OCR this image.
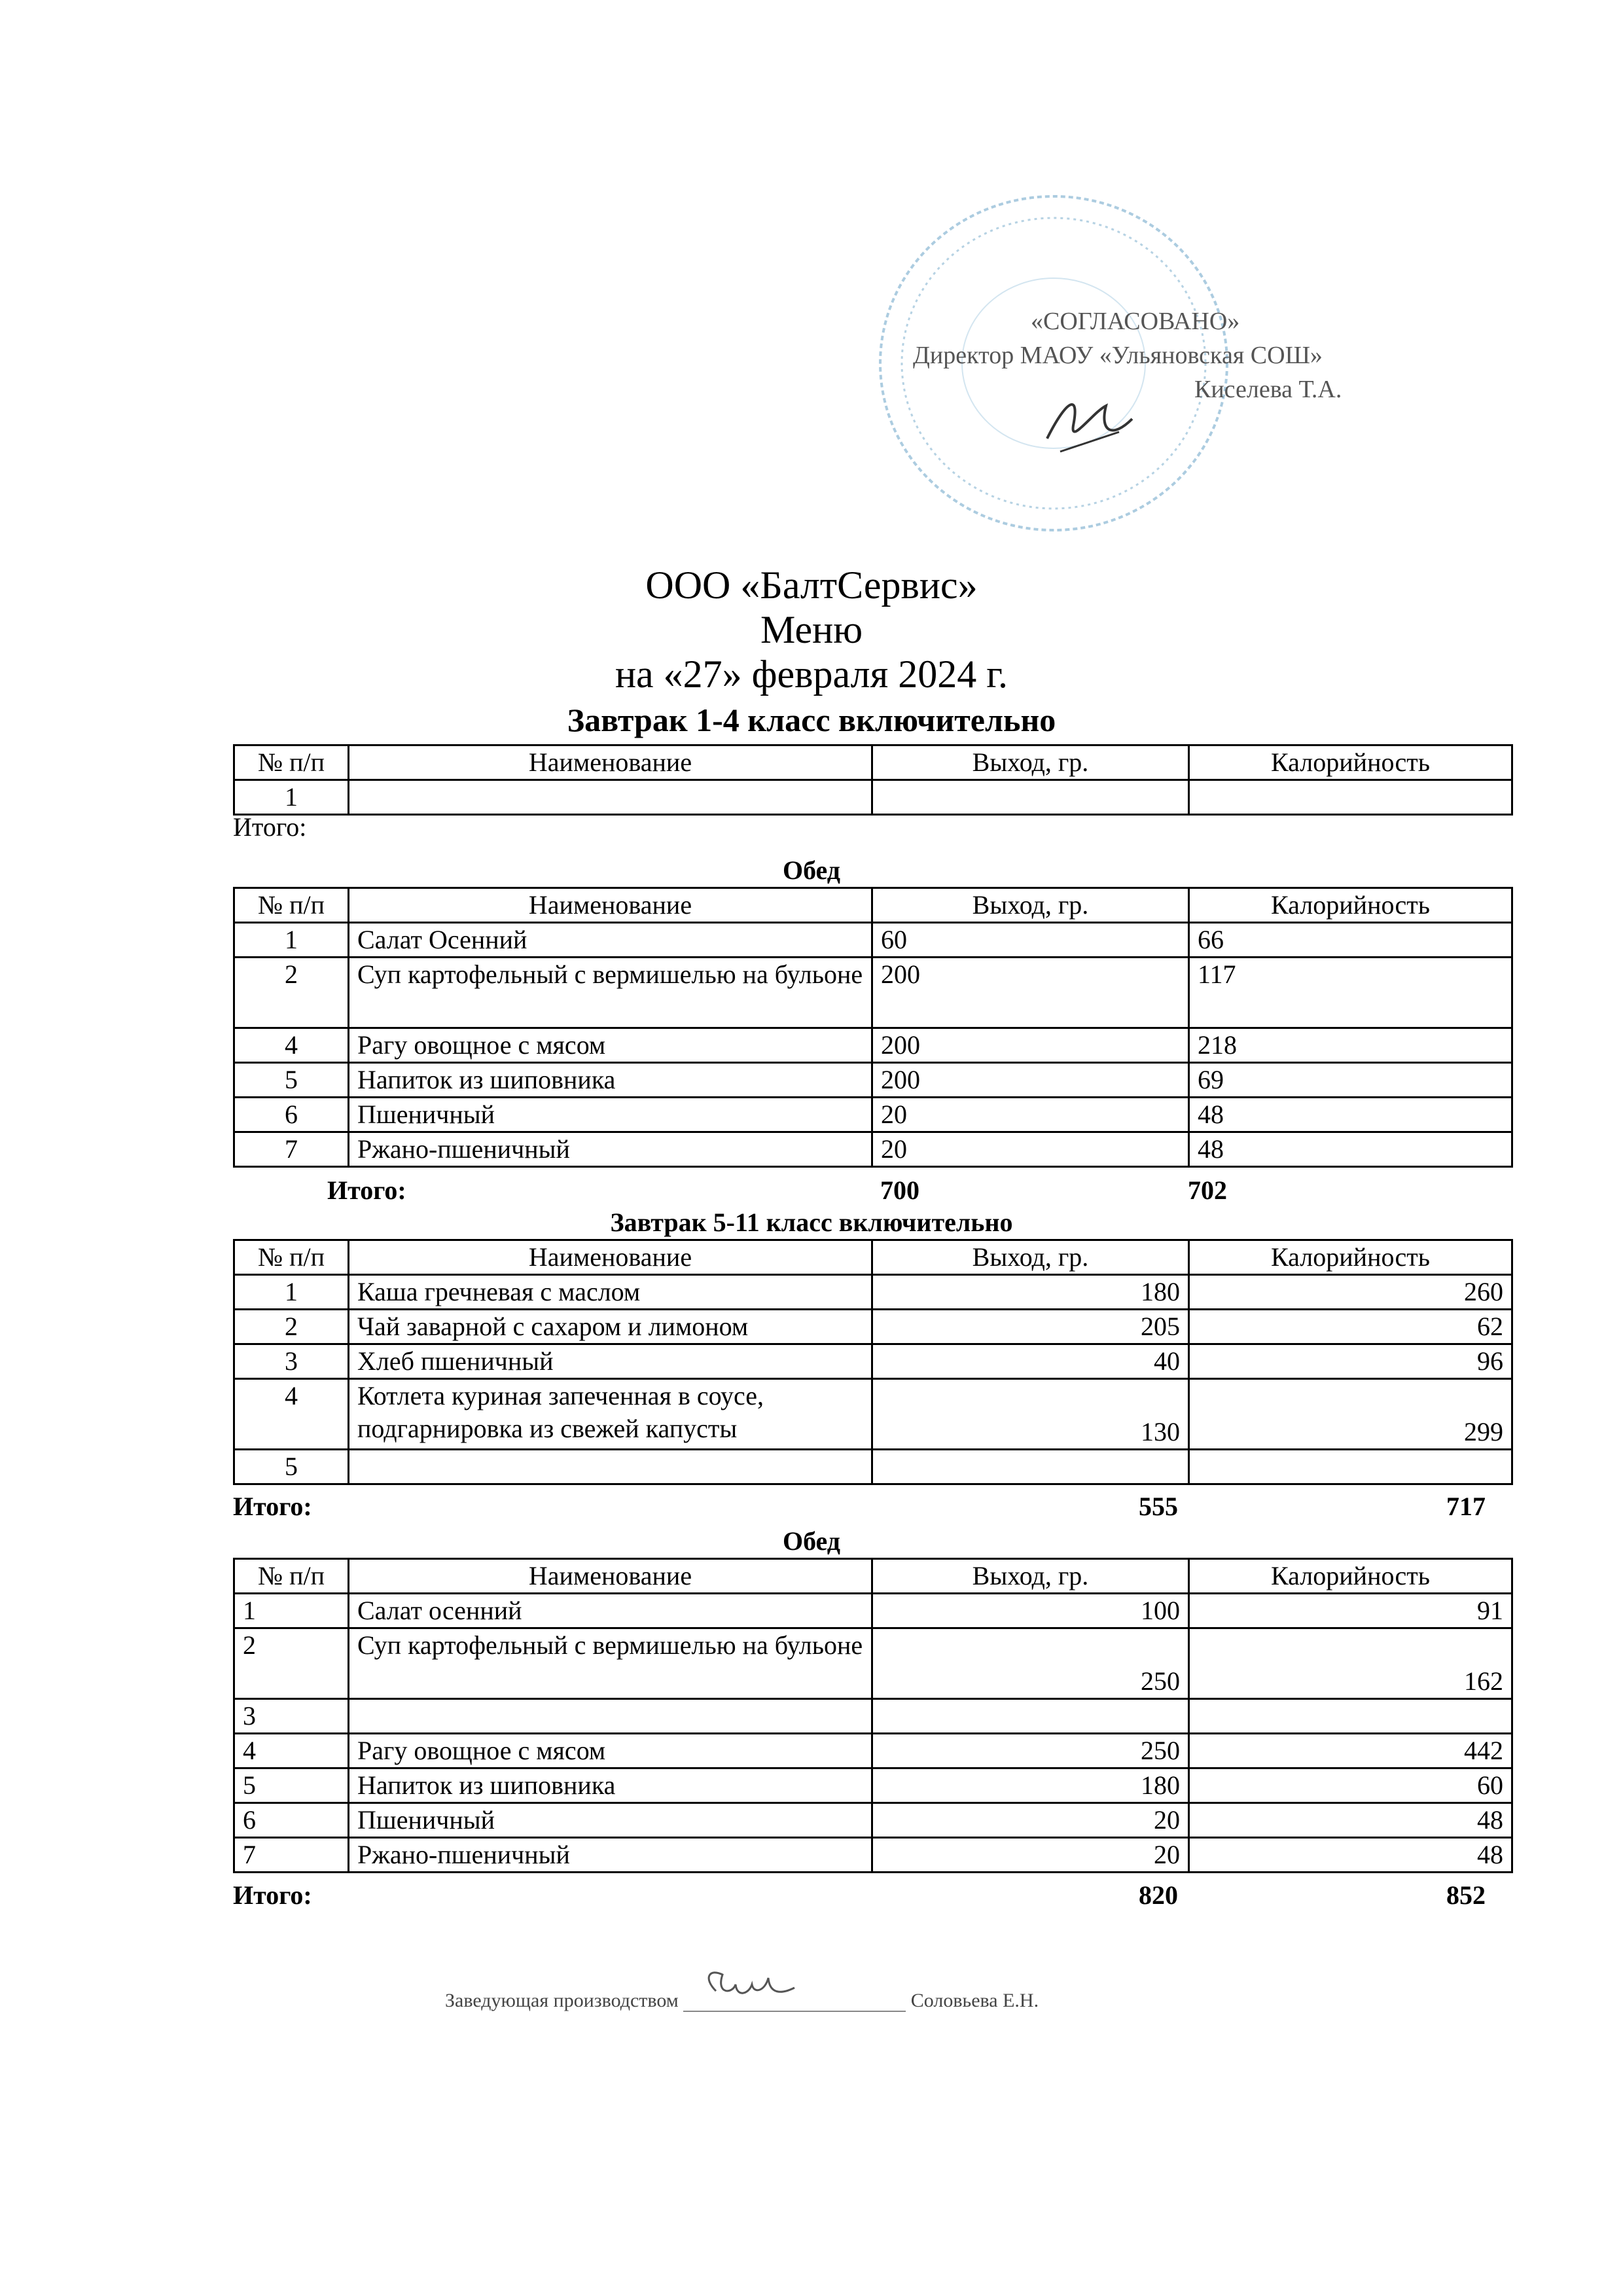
«СОГЛАСОВАНО»
Директор МАОУ «Ульяновская СОШ»
Киселева Т.А.
ООО «БалтСервис»
Меню
на «27» февраля 2024 г.
Завтрак 1-4 класс включительно
№ п/п	Наименование	Выход, гр.	Калорийность
1			
Итого:
Обед
№ п/п	Наименование	Выход, гр.	Калорийность
1	Салат Осенний	60	66
2	Суп картофельный с вермишелью на бульоне	200	117
4	Рагу овощное с мясом	200	218
5	Напиток из шиповника	200	69
6	Пшеничный	20	48
7	Ржано-пшеничный	20	48
Итого:	700	702
Завтрак 5-11 класс включительно
№ п/п	Наименование	Выход, гр.	Калорийность
1	Каша гречневая с маслом	180	260
2	Чай заварной с сахаром и лимоном	205	62
3	Хлеб пшеничный	40	96
4	Котлета куриная запеченная в соусе, подгарнировка из свежей капусты	130	299
5			
Итого:	555	717
Обед
№ п/п	Наименование	Выход, гр.	Калорийность
1	Салат осенний	100	91
2	Суп картофельный с вермишелью на бульоне	250	162
3			
4	Рагу овощное с мясом	250	442
5	Напиток из шиповника	180	60
6	Пшеничный	20	48
7	Ржано-пшеничный	20	48
Итого:	820	852
Заведующая производством	Соловьева Е.Н.
